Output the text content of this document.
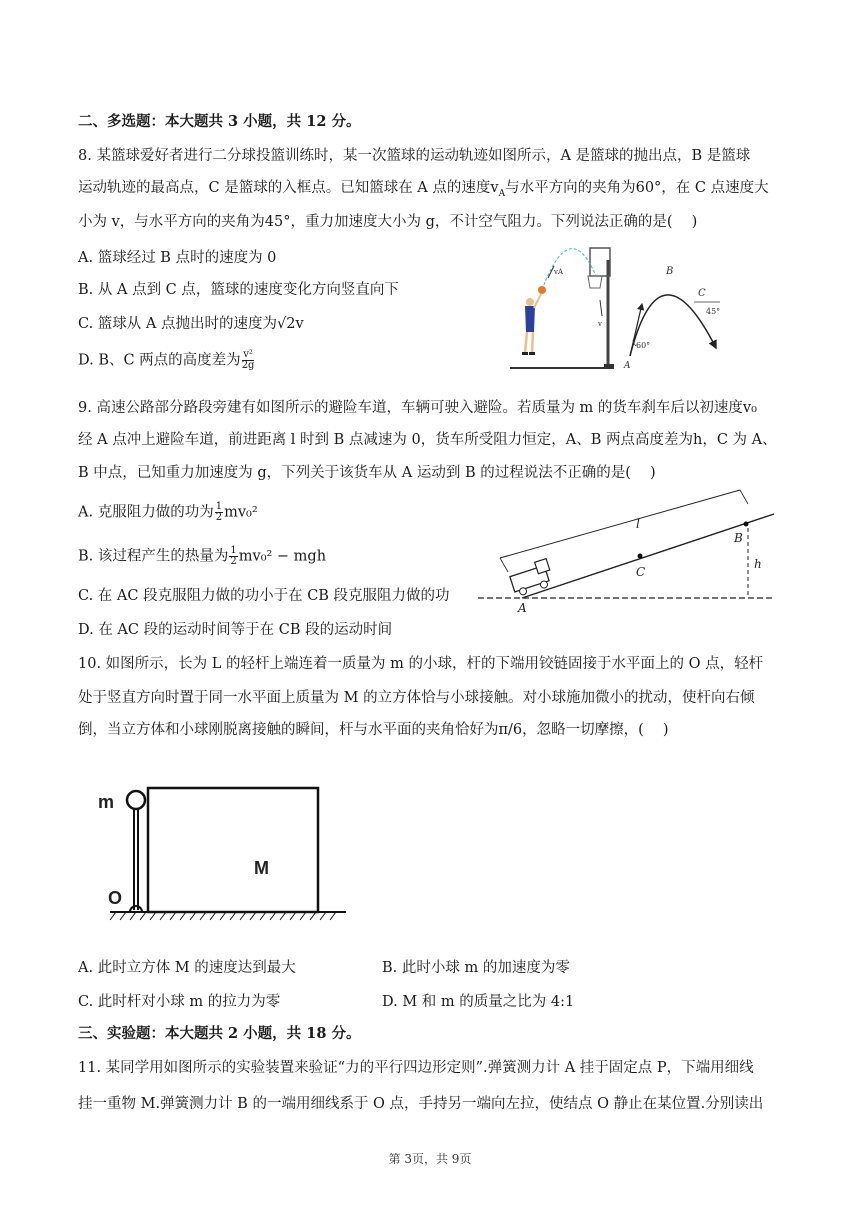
二、多选题：本大题共 3 小题，共 12 分。
8. 某篮球爱好者进行二分球投篮训练时，某一次篮球的运动轨迹如图所示，A 是篮球的抛出点，B 是篮球
运动轨迹的最高点，C 是篮球的入框点。已知篮球在 A 点的速度$v_A$与水平方向的夹角为60°，在 C 点速度大
小为 v，与水平方向的夹角为45°，重力加速度大小为 g，不计空气阻力。下列说法正确的是(　 )
A. 篮球经过 B 点时的速度为 0
B. 从 A 点到 C 点，篮球的速度变化方向竖直向下
C. 篮球从 A 点抛出时的速度为√2v
D. B、C 两点的高度差为 $\frac{\text{v²}}{2g}$
vA
v
60°
A
B
C
45°
9. 高速公路部分路段旁建有如图所示的避险车道，车辆可驶入避险。若质量为 m 的货车刹车后以初速度v₀
经 A 点冲上避险车道，前进距离 l 时到 B 点减速为 0，货车所受阻力恒定，A、B 两点高度差为h，C 为 A、
B 中点，已知重力加速度为 g，下列关于该货车从 A 运动到 B 的过程说法不正确的是(　 )
A. 克服阻力做的功为 $\frac{1}{2} mv_0^2$
B. 该过程产生的热量为 $\frac{1}{2} mv_0^2$ − mgh
C. 在 AC 段克服阻力做的功小于在 CB 段克服阻力做的功
D. 在 AC 段的运动时间等于在 CB 段的运动时间
l
B
h
C
A
10. 如图所示，长为 L 的轻杆上端连着一质量为 m 的小球，杆的下端用铰链固接于水平面上的 O 点，轻杆
处于竖直方向时置于同一水平面上质量为 M 的立方体恰与小球接触。对小球施加微小的扰动，使杆向右倾
倒，当立方体和小球刚脱离接触的瞬间，杆与水平面的夹角恰好为π/6，忽略一切摩擦，(　 )
m
O
M
A. 此时立方体 M 的速度达到最大	B. 此时小球 m 的加速度为零
C. 此时杆对小球 m 的拉力为零	D. M 和 m 的质量之比为 4:1
三、实验题：本大题共 2 小题，共 18 分。
11. 某同学用如图所示的实验装置来验证“力的平行四边形定则”.弹簧测力计 A 挂于固定点 P，下端用细线
挂一重物 M.弹簧测力计 B 的一端用细线系于 O 点，手持另一端向左拉，使结点 O 静止在某位置.分别读出
第 3页，共 9页
